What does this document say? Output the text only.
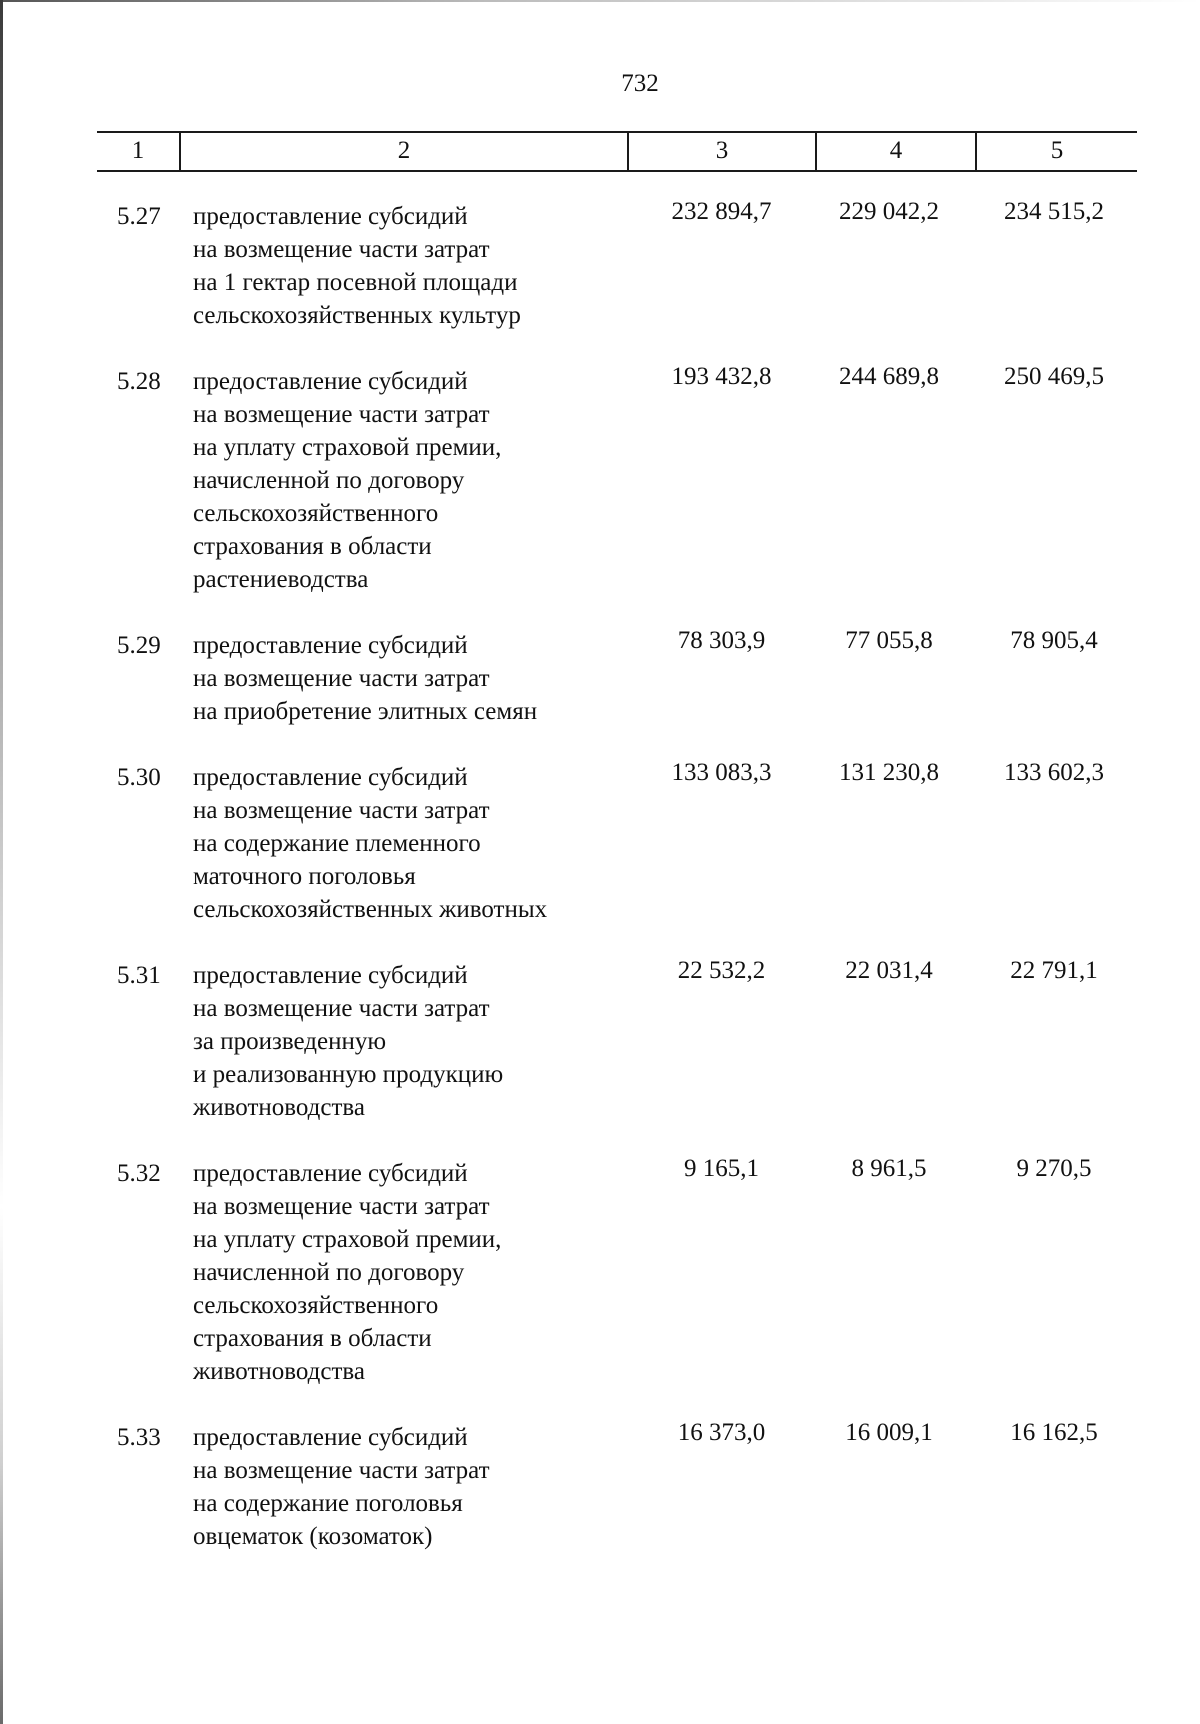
732
1	2	3	4	5
5.27	предоставление субсидий
на возмещение части затрат
на 1 гектар посевной площади
сельскохозяйственных культур
232 894,7	229 042,2	234 515,2
5.28	предоставление субсидий
на возмещение части затрат
на уплату страховой премии,
начисленной по договору
сельскохозяйственного
страхования в области
растениеводства
193 432,8	244 689,8	250 469,5
5.29	предоставление субсидий
на возмещение части затрат
на приобретение элитных семян
78 303,9	77 055,8	78 905,4
5.30	предоставление субсидий
на возмещение части затрат
на содержание племенного
маточного поголовья
сельскохозяйственных животных
133 083,3	131 230,8	133 602,3
5.31	предоставление субсидий
на возмещение части затрат
за произведенную
и реализованную продукцию
животноводства
22 532,2	22 031,4	22 791,1
5.32	предоставление субсидий
на возмещение части затрат
на уплату страховой премии,
начисленной по договору
сельскохозяйственного
страхования в области
животноводства
9 165,1	8 961,5	9 270,5
5.33	предоставление субсидий
на возмещение части затрат
на содержание поголовья
овцематок (козоматок)
16 373,0	16 009,1	16 162,5
